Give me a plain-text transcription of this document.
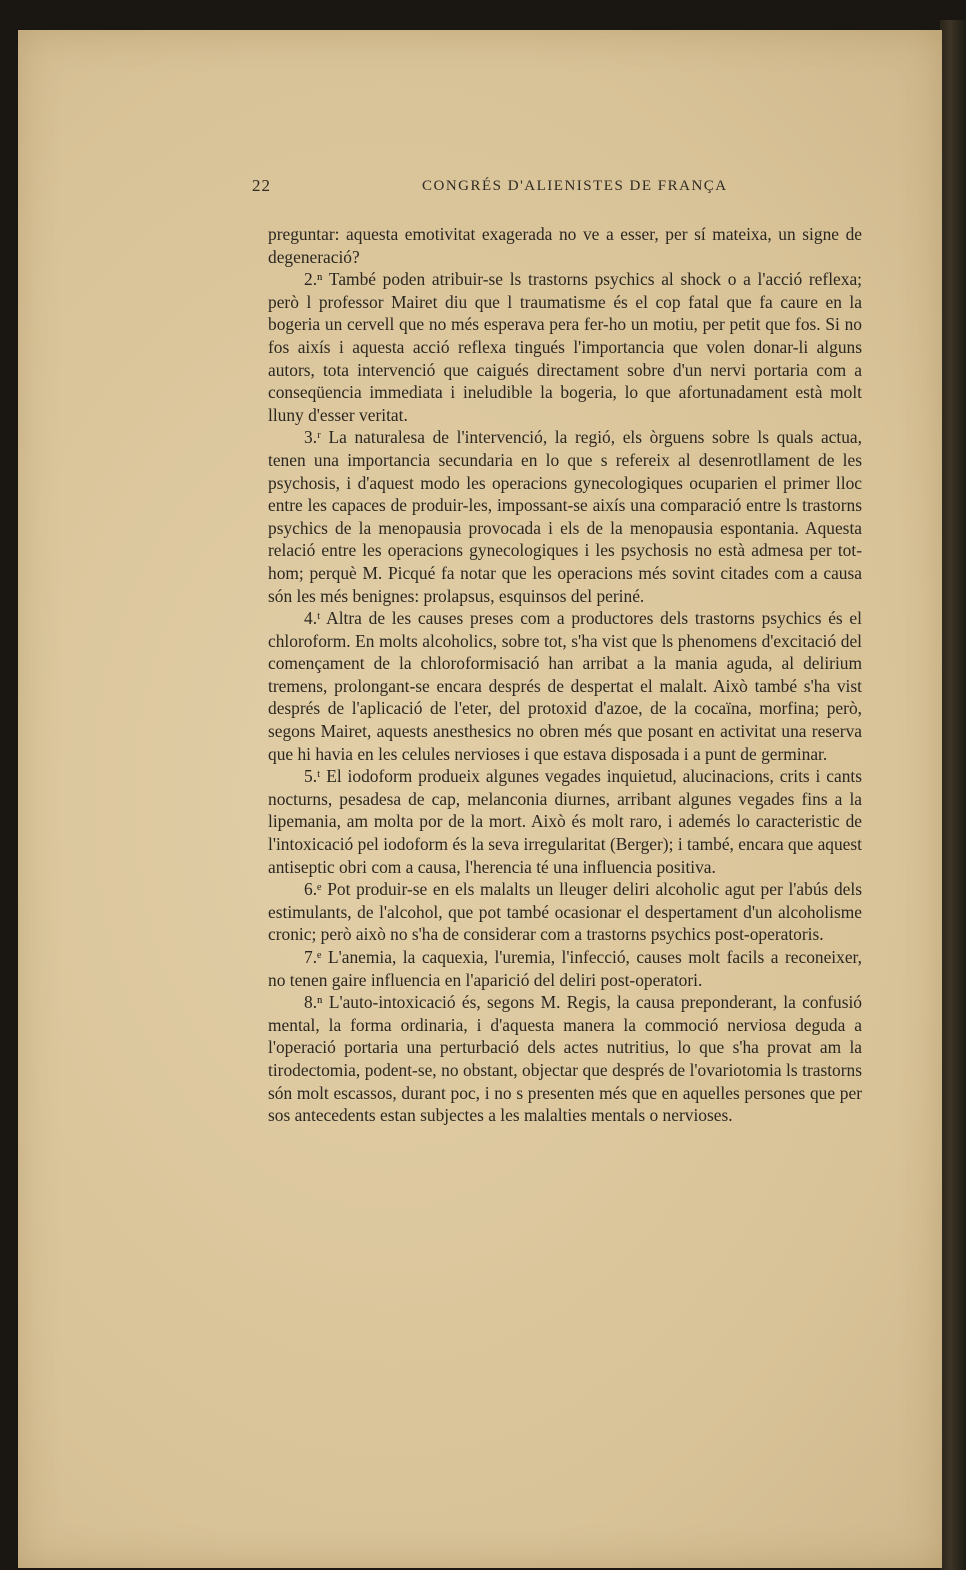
22	CONGRÉS D'ALIENISTES DE FRANÇA

preguntar: aquesta emotivitat exagerada no ve a esser, per sí mateixa, un signe de degeneració?

2.ⁿ També poden atribuir-se ls trastorns psychics al shock o a l'acció reflexa; però l professor Mairet diu que l traumatisme és el cop fatal que fa caure en la bogeria un cervell que no més esperava pera fer-ho un motiu, per petit que fos. Si no fos aixís i aquesta acció reflexa tingués l'importancia que volen donar-li alguns autors, tota intervenció que caigués directament sobre d'un nervi portaria com a conseqüencia immediata i ineludible la bogeria, lo que afortunadament està molt lluny d'esser veritat.

3.ʳ La naturalesa de l'intervenció, la regió, els òrguens sobre ls quals actua, tenen una importancia secundaria en lo que s refereix al desenrotllament de les psychosis, i d'aquest modo les operacions gynecologiques ocuparien el primer lloc entre les capaces de produir-les, impossant-se aixís una comparació entre ls trastorns psychics de la menopausia provocada i els de la menopausia espontania. Aquesta relació entre les operacions gynecologiques i les psychosis no està admesa per tot-hom; perquè M. Picqué fa notar que les operacions més sovint citades com a causa són les més benignes: prolapsus, esquinsos del periné.

4.ᵗ Altra de les causes preses com a productores dels trastorns psychics és el chloroform. En molts alcoholics, sobre tot, s'ha vist que ls phenomens d'excitació del començament de la chloroformisació han arribat a la mania aguda, al delirium tremens, prolongant-se encara després de despertat el malalt. Això també s'ha vist després de l'aplicació de l'eter, del protoxid d'azoe, de la cocaïna, morfina; però, segons Mairet, aquests anesthesics no obren més que posant en activitat una reserva que hi havia en les celules nervioses i que estava disposada i a punt de germinar.

5.ᵗ El iodoform produeix algunes vegades inquietud, alucinacions, crits i cants nocturns, pesadesa de cap, melanconia diurnes, arribant algunes vegades fins a la lipemania, am molta por de la mort. Això és molt raro, i ademés lo caracteristic de l'intoxicació pel iodoform és la seva irregularitat (Berger); i també, encara que aquest antiseptic obri com a causa, l'herencia té una influencia positiva.

6.ᵉ Pot produir-se en els malalts un lleuger deliri alcoholic agut per l'abús dels estimulants, de l'alcohol, que pot també ocasionar el despertament d'un alcoholisme cronic; però això no s'ha de considerar com a trastorns psychics post-operatoris.

7.ᵉ L'anemia, la caquexia, l'uremia, l'infecció, causes molt facils a reconeixer, no tenen gaire influencia en l'aparició del deliri post-operatori.

8.ⁿ L'auto-intoxicació és, segons M. Regis, la causa preponderant, la confusió mental, la forma ordinaria, i d'aquesta manera la commoció nerviosa deguda a l'operació portaria una perturbació dels actes nutritius, lo que s'ha provat am la tirodectomia, podent-se, no obstant, objectar que després de l'ovariotomia ls trastorns són molt escassos, durant poc, i no s presenten més que en aquelles persones que per sos antecedents estan subjectes a les malalties mentals o nervioses.
